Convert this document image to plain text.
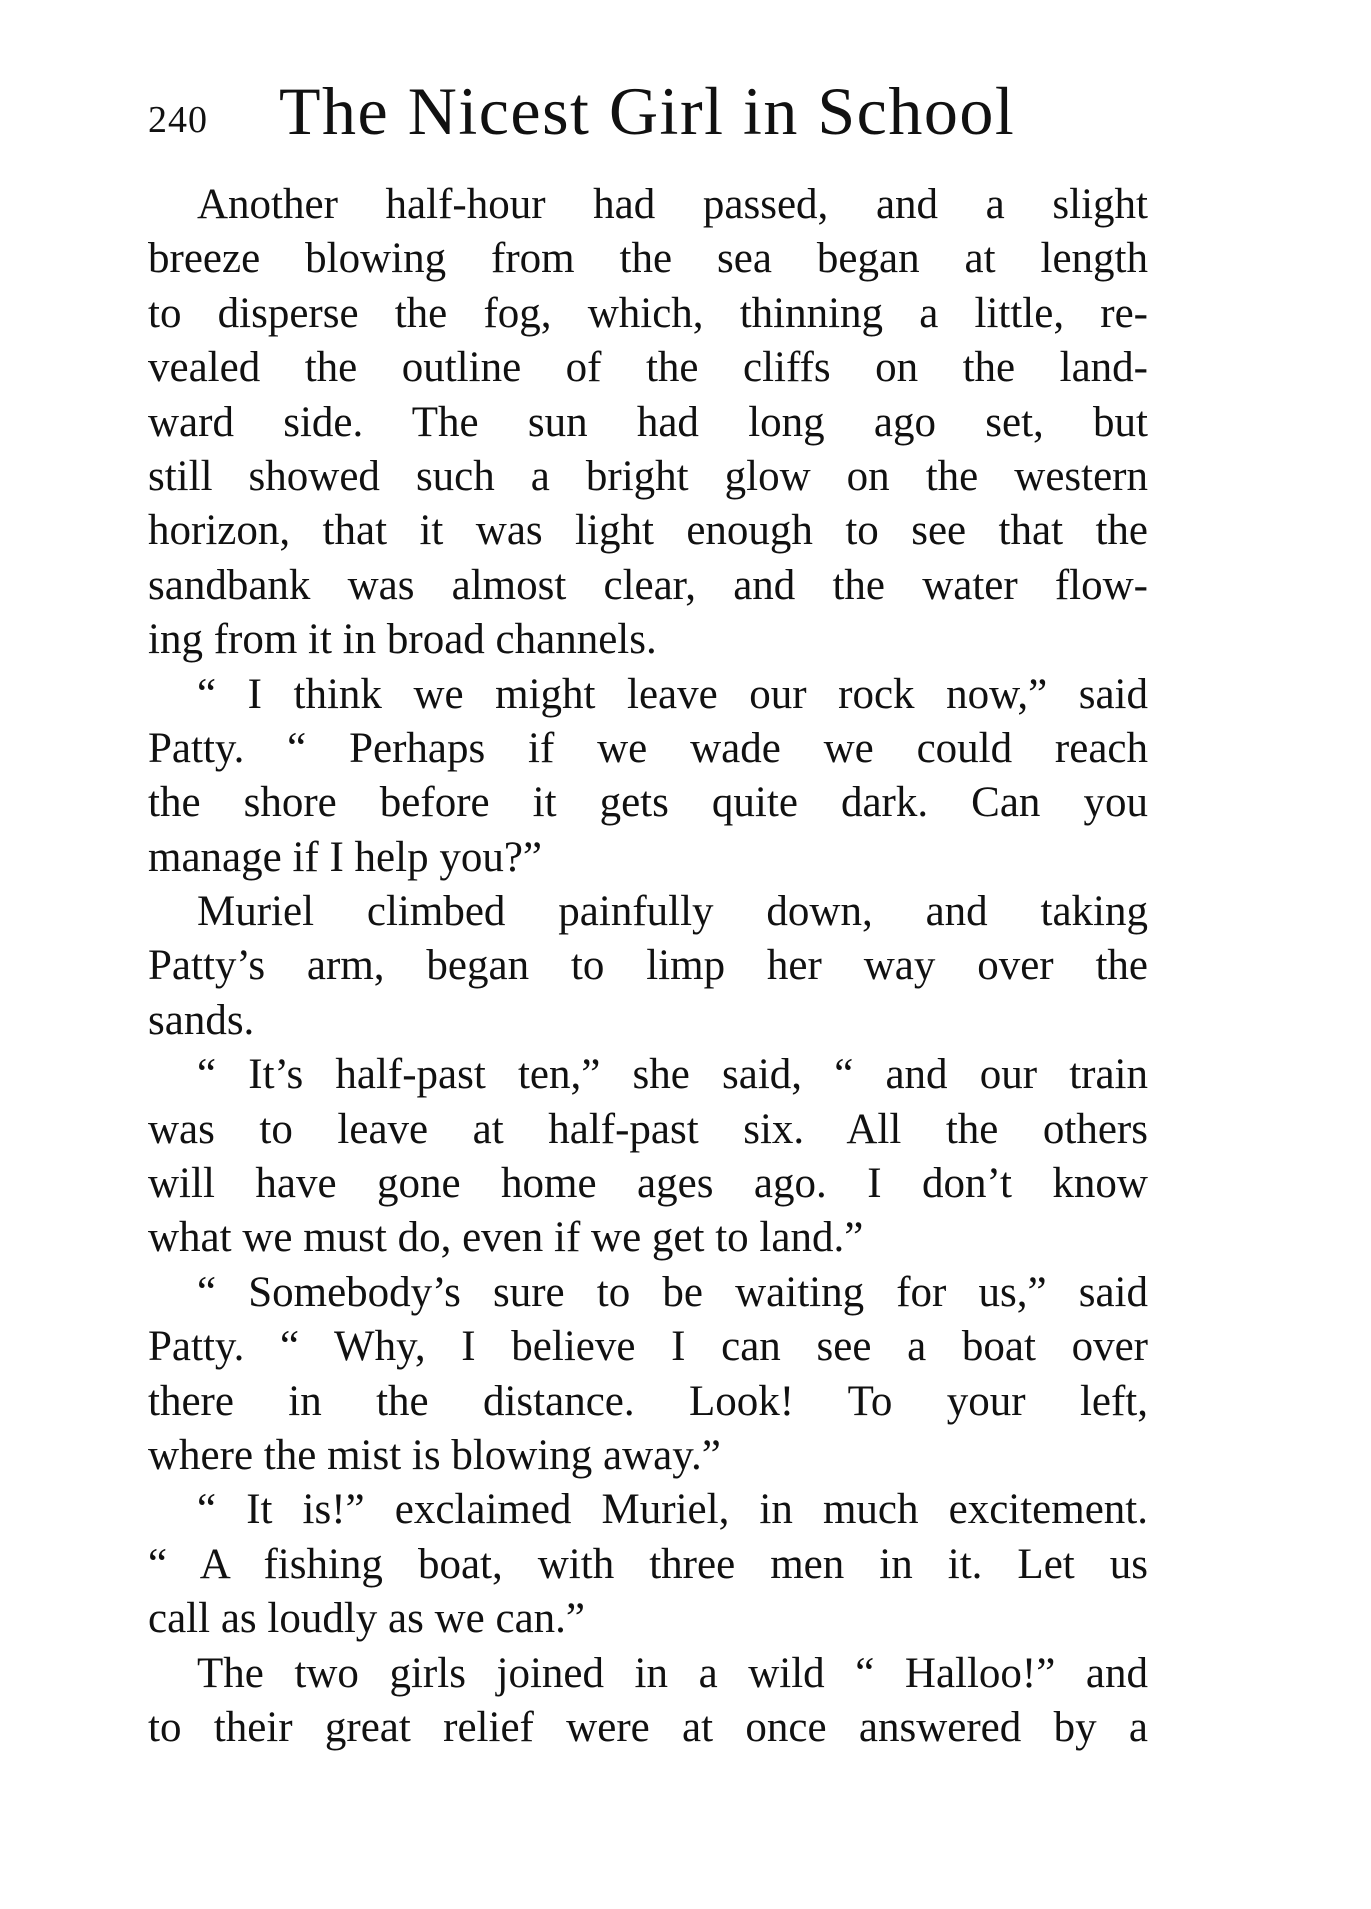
240 The Nicest Girl in School
Another half-hour had passed, and a slight
breeze blowing from the sea began at length
to disperse the fog, which, thinning a little, re-
vealed the outline of the cliffs on the land-
ward side. The sun had long ago set, but
still showed such a bright glow on the western
horizon, that it was light enough to see that the
sandbank was almost clear, and the water flow-
ing from it in broad channels.
“ I think we might leave our rock now,” said
Patty. “ Perhaps if we wade we could reach
the shore before it gets quite dark. Can you
manage if I help you?”
Muriel climbed painfully down, and taking
Patty’s arm, began to limp her way over the
sands.
“ It’s half-past ten,” she said, “ and our train
was to leave at half-past six. All the others
will have gone home ages ago. I don’t know
what we must do, even if we get to land.”
“ Somebody’s sure to be waiting for us,” said
Patty. “ Why, I believe I can see a boat over
there in the distance. Look! To your left,
where the mist is blowing away.”
“ It is!” exclaimed Muriel, in much excitement.
“ A fishing boat, with three men in it. Let us
call as loudly as we can.”
The two girls joined in a wild “ Halloo!” and
to their great relief were at once answered by a
